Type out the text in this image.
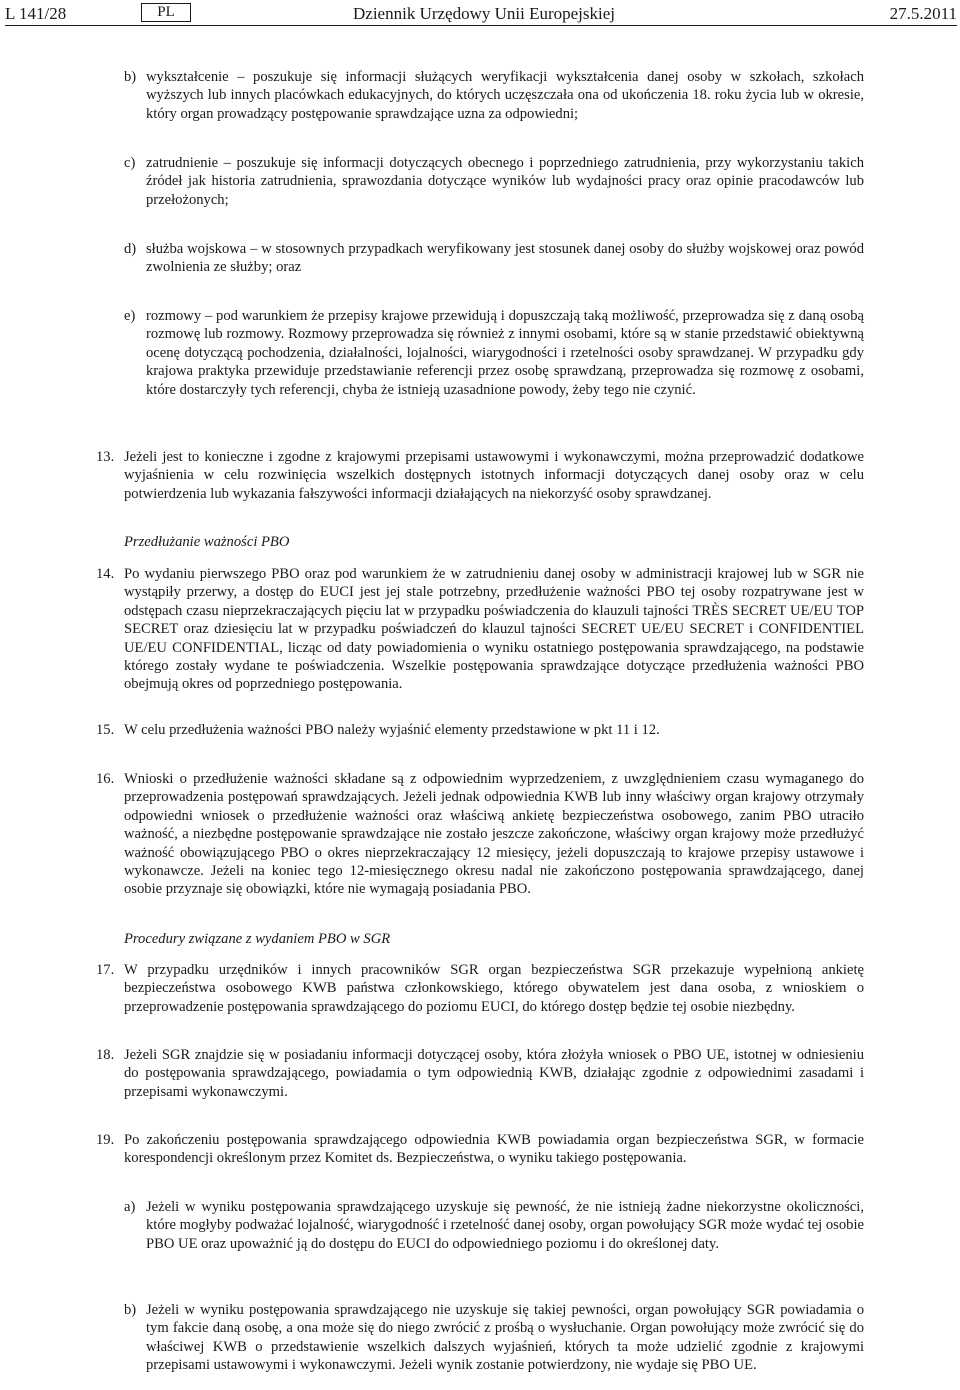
L 141/28	PL	Dziennik Urzędowy Unii Europejskiej	27.5.2011
b) wykształcenie – poszukuje się informacji służących weryfikacji wykształcenia danej osoby w szkołach, szkołach wyższych lub innych placówkach edukacyjnych, do których uczęszczała ona od ukończenia 18. roku życia lub w okresie, który organ prowadzący postępowanie sprawdzające uzna za odpowiedni;
c) zatrudnienie – poszukuje się informacji dotyczących obecnego i poprzedniego zatrudnienia, przy wykorzystaniu takich źródeł jak historia zatrudnienia, sprawozdania dotyczące wyników lub wydajności pracy oraz opinie pracodawców lub przełożonych;
d) służba wojskowa – w stosownych przypadkach weryfikowany jest stosunek danej osoby do służby wojskowej oraz powód zwolnienia ze służby; oraz
e) rozmowy – pod warunkiem że przepisy krajowe przewidują i dopuszczają taką możliwość, przeprowadza się z daną osobą rozmowę lub rozmowy. Rozmowy przeprowadza się również z innymi osobami, które są w stanie przedstawić obiektywną ocenę dotyczącą pochodzenia, działalności, lojalności, wiarygodności i rzetelności osoby sprawdzanej. W przypadku gdy krajowa praktyka przewiduje przedstawianie referencji przez osobę sprawdzaną, przeprowadza się rozmowę z osobami, które dostarczyły tych referencji, chyba że istnieją uzasadnione powody, żeby tego nie czynić.
13. Jeżeli jest to konieczne i zgodne z krajowymi przepisami ustawowymi i wykonawczymi, można przeprowadzić dodatkowe wyjaśnienia w celu rozwinięcia wszelkich dostępnych istotnych informacji dotyczących danej osoby oraz w celu potwierdzenia lub wykazania fałszywości informacji działających na niekorzyść osoby sprawdzanej.
Przedłużanie ważności PBO
14. Po wydaniu pierwszego PBO oraz pod warunkiem że w zatrudnieniu danej osoby w administracji krajowej lub w SGR nie wystąpiły przerwy, a dostęp do EUCI jest jej stale potrzebny, przedłużenie ważności PBO tej osoby rozpatrywane jest w odstępach czasu nieprzekraczających pięciu lat w przypadku poświadczenia do klauzuli tajności TRÈS SECRET UE/EU TOP SECRET oraz dziesięciu lat w przypadku poświadczeń do klauzul tajności SECRET UE/EU SECRET i CONFIDENTIEL UE/EU CONFIDENTIAL, licząc od daty powiadomienia o wyniku ostatniego postępowania sprawdzającego, na podstawie którego zostały wydane te poświadczenia. Wszelkie postępowania sprawdzające dotyczące przedłużenia ważności PBO obejmują okres od poprzedniego postępowania.
15. W celu przedłużenia ważności PBO należy wyjaśnić elementy przedstawione w pkt 11 i 12.
16. Wnioski o przedłużenie ważności składane są z odpowiednim wyprzedzeniem, z uwzględnieniem czasu wymaganego do przeprowadzenia postępowań sprawdzających. Jeżeli jednak odpowiednia KWB lub inny właściwy organ krajowy otrzymały odpowiedni wniosek o przedłużenie ważności oraz właściwą ankietę bezpieczeństwa osobowego, zanim PBO utraciło ważność, a niezbędne postępowanie sprawdzające nie zostało jeszcze zakończone, właściwy organ krajowy może przedłużyć ważność obowiązującego PBO o okres nieprzekraczający 12 miesięcy, jeżeli dopuszczają to krajowe przepisy ustawowe i wykonawcze. Jeżeli na koniec tego 12-miesięcznego okresu nadal nie zakończono postępowania sprawdzającego, danej osobie przyznaje się obowiązki, które nie wymagają posiadania PBO.
Procedury związane z wydaniem PBO w SGR
17. W przypadku urzędników i innych pracowników SGR organ bezpieczeństwa SGR przekazuje wypełnioną ankietę bezpieczeństwa osobowego KWB państwa członkowskiego, którego obywatelem jest dana osoba, z wnioskiem o przeprowadzenie postępowania sprawdzającego do poziomu EUCI, do którego dostęp będzie tej osobie niezbędny.
18. Jeżeli SGR znajdzie się w posiadaniu informacji dotyczącej osoby, która złożyła wniosek o PBO UE, istotnej w odniesieniu do postępowania sprawdzającego, powiadamia o tym odpowiednią KWB, działając zgodnie z odpowiednimi zasadami i przepisami wykonawczymi.
19. Po zakończeniu postępowania sprawdzającego odpowiednia KWB powiadamia organ bezpieczeństwa SGR, w formacie korespondencji określonym przez Komitet ds. Bezpieczeństwa, o wyniku takiego postępowania.
a) Jeżeli w wyniku postępowania sprawdzającego uzyskuje się pewność, że nie istnieją żadne niekorzystne okoliczności, które mogłyby podważać lojalność, wiarygodność i rzetelność danej osoby, organ powołujący SGR może wydać tej osobie PBO UE oraz upoważnić ją do dostępu do EUCI do odpowiedniego poziomu i do określonej daty.
b) Jeżeli w wyniku postępowania sprawdzającego nie uzyskuje się takiej pewności, organ powołujący SGR powiadamia o tym fakcie daną osobę, a ona może się do niego zwrócić z prośbą o wysłuchanie. Organ powołujący może zwrócić się do właściwej KWB o przedstawienie wszelkich dalszych wyjaśnień, których ta może udzielić zgodnie z krajowymi przepisami ustawowymi i wykonawczymi. Jeżeli wynik zostanie potwierdzony, nie wydaje się PBO UE.
